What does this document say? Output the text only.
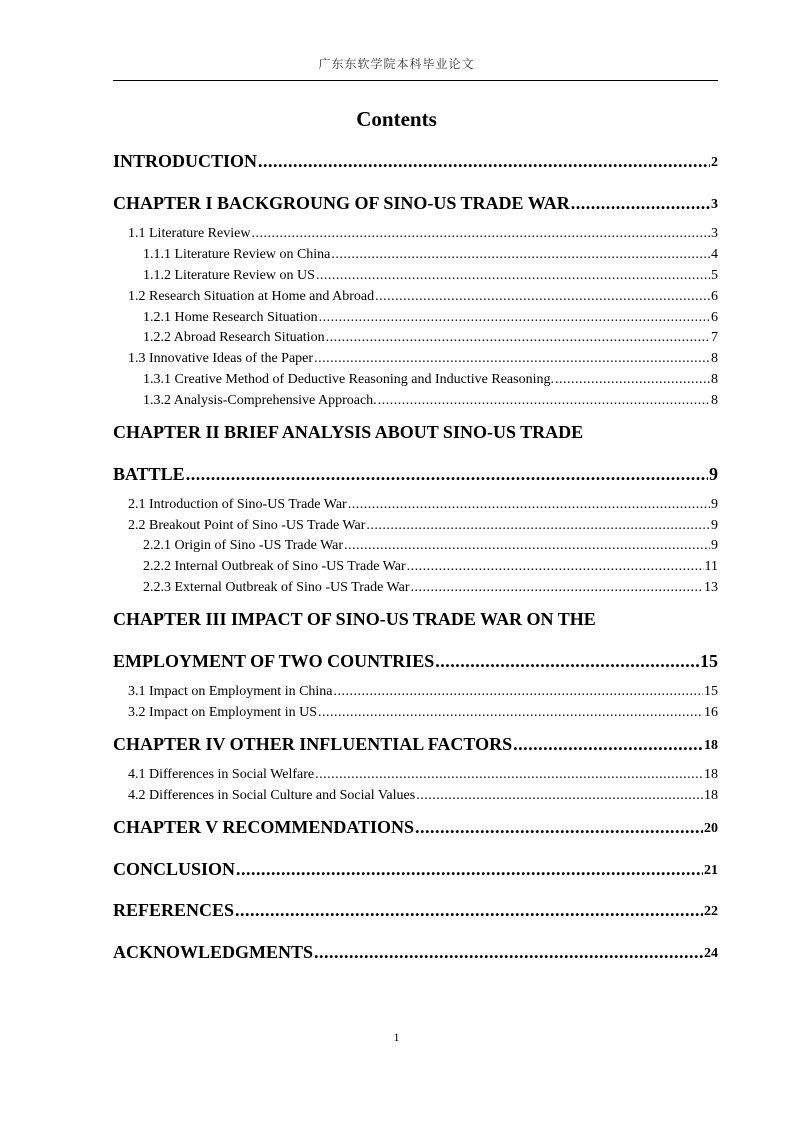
广东东软学院本科毕业论文
Contents
INTRODUCTION .....	2
CHAPTER I BACKGROUNG OF SINO-US TRADE WAR .....	3
1.1 Literature Review .....	3
1.1.1 Literature Review on China .....	4
1.1.2 Literature Review on US .....	5
1.2 Research Situation at Home and Abroad .....	6
1.2.1 Home Research Situation .....	6
1.2.2 Abroad Research Situation .....	7
1.3 Innovative Ideas of the Paper .....	8
1.3.1 Creative Method of Deductive Reasoning and Inductive Reasoning. .....	8
1.3.2 Analysis-Comprehensive Approach. .....	8
CHAPTER II BRIEF ANALYSIS ABOUT SINO-US TRADE
BATTLE .....	9
2.1 Introduction of Sino-US Trade War .....	9
2.2 Breakout Point of Sino -US Trade War .....	9
2.2.1 Origin of Sino -US Trade War .....	9
2.2.2 Internal Outbreak of Sino -US Trade War .....	11
2.2.3 External Outbreak of Sino -US Trade War .....	13
CHAPTER III IMPACT OF SINO-US TRADE WAR ON THE
EMPLOYMENT OF TWO COUNTRIES .....	15
3.1 Impact on Employment in China .....	15
3.2 Impact on Employment in US .....	16
CHAPTER IV OTHER INFLUENTIAL FACTORS .....	18
4.1 Differences in Social Welfare .....	18
4.2 Differences in Social Culture and Social Values .....	18
CHAPTER V RECOMMENDATIONS .....	20
CONCLUSION .....	21
REFERENCES .....	22
ACKNOWLEDGMENTS .....	24
1
